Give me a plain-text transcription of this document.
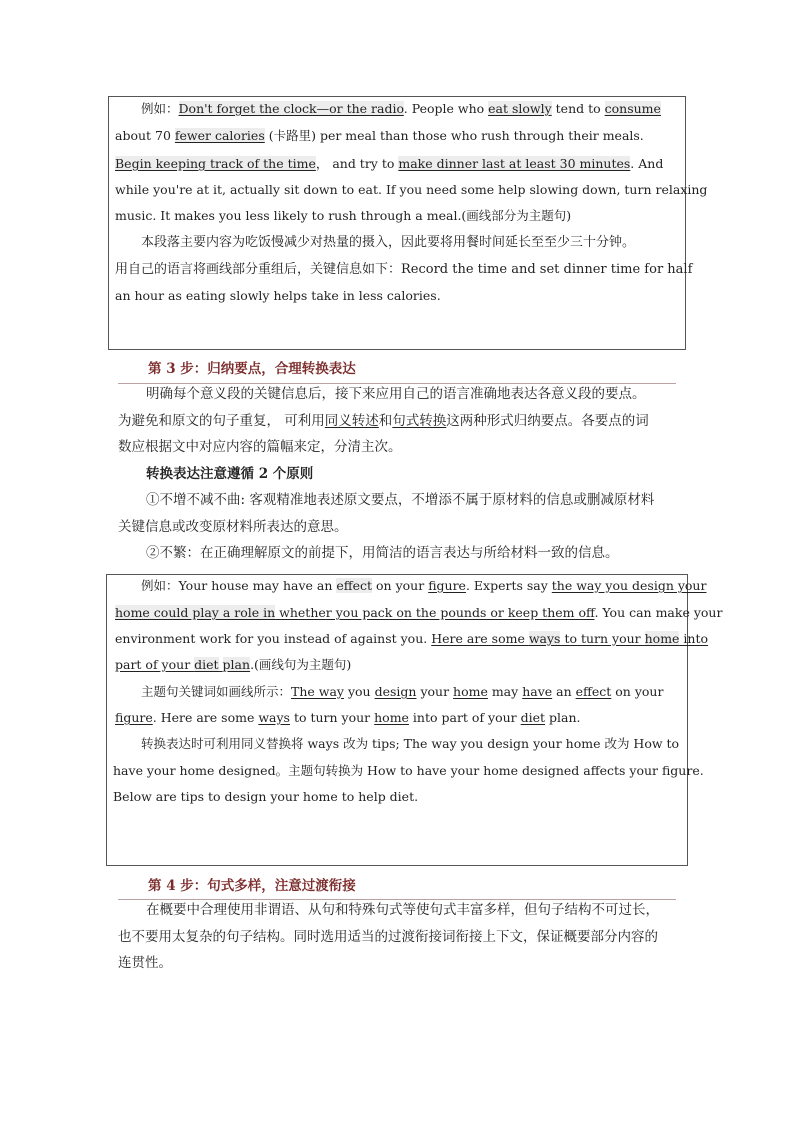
例如：Don't forget the clock—or the radio. People who eat slowly tend to consume
about 70 fewer calories (卡路里) per meal than those who rush through their meals.
Begin keeping track of the time， and try to make dinner last at least 30 minutes. And
while you're at it, actually sit down to eat. If you need some help slowing down, turn relaxing
music. It makes you less likely to rush through a meal.(画线部分为主题句)
本段落主要内容为吃饭慢减少对热量的摄入，因此要将用餐时间延长至至少三十分钟。
用自己的语言将画线部分重组后，关键信息如下：Record the time and set dinner time for half
an hour as eating slowly helps take in less calories.
第 3 步：归纳要点，合理转换表达
明确每个意义段的关键信息后，接下来应用自己的语言准确地表达各意义段的要点。
为避免和原文的句子重复， 可利用同义转述和句式转换这两种形式归纳要点。各要点的词
数应根据文中对应内容的篇幅来定，分清主次。
转换表达注意遵循 2 个原则
①不增不减不曲: 客观精准地表述原文要点，不增添不属于原材料的信息或删减原材料
关键信息或改变原材料所表达的意思。
②不繁：在正确理解原文的前提下，用简洁的语言表达与所给材料一致的信息。
例如：Your house may have an effect on your figure. Experts say the way you design your
home could play a role in whether you pack on the pounds or keep them off. You can make your
environment work for you instead of against you. Here are some ways to turn your home into
part of your diet plan.(画线句为主题句)
主题句关键词如画线所示：The way you design your home may have an effect on your
figure. Here are some ways to turn your home into part of your diet plan.
转换表达时可利用同义替换将 ways 改为 tips; The way you design your home 改为 How to
have your home designed。主题句转换为 How to have your home designed affects your figure.
Below are tips to design your home to help diet.
第 4 步：句式多样，注意过渡衔接
在概要中合理使用非谓语、从句和特殊句式等使句式丰富多样，但句子结构不可过长，
也不要用太复杂的句子结构。同时选用适当的过渡衔接词衔接上下文，保证概要部分内容的
连贯性。
